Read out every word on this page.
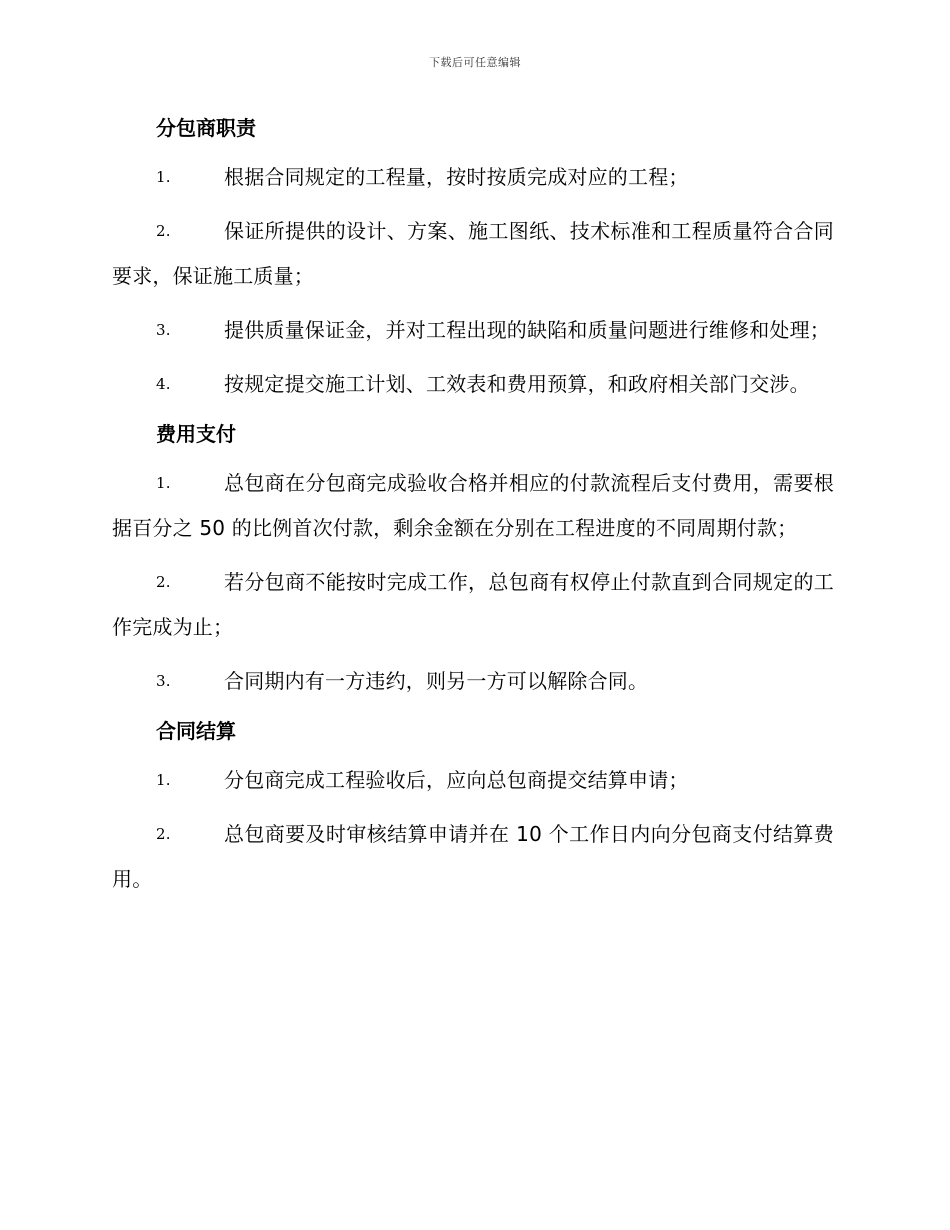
下载后可任意编辑
分包商职责

1.	根据合同规定的工程量，按时按质完成对应的工程；

2.	保证所提供的设计、方案、施工图纸、技术标准和工程质量符合合同要求，保证施工质量；

3.	提供质量保证金，并对工程出现的缺陷和质量问题进行维修和处理；

4.	按规定提交施工计划、工效表和费用预算，和政府相关部门交涉。

费用支付

1.	总包商在分包商完成验收合格并相应的付款流程后支付费用，需要根据百分之 50 的比例首次付款，剩余金额在分别在工程进度的不同周期付款；

2.	若分包商不能按时完成工作，总包商有权停止付款直到合同规定的工作完成为止；

3.	合同期内有一方违约，则另一方可以解除合同。

合同结算

1.	分包商完成工程验收后，应向总包商提交结算申请；

2.	总包商要及时审核结算申请并在 10 个工作日内向分包商支付结算费用。
